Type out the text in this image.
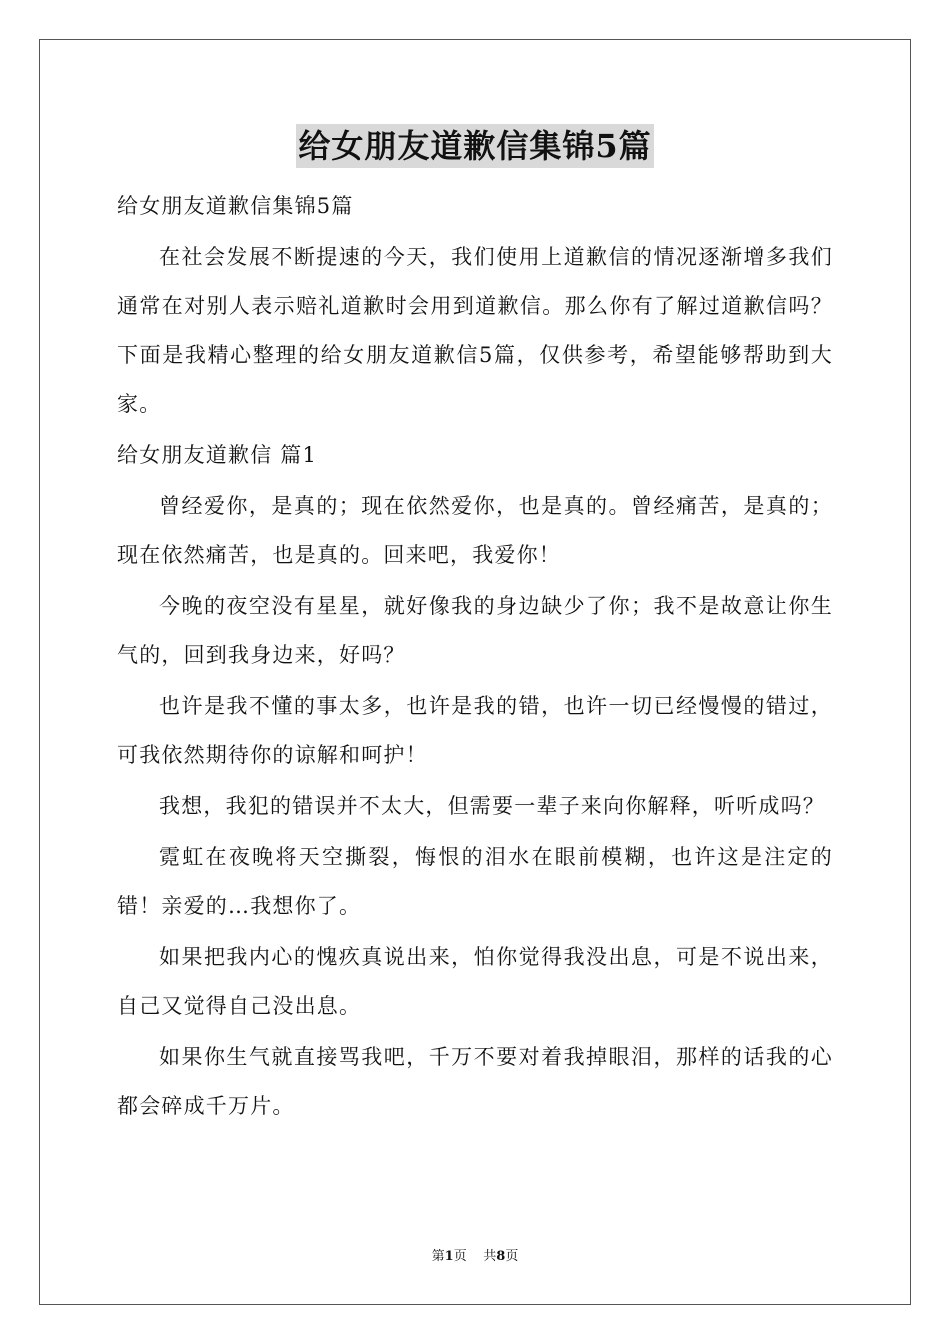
给女朋友道歉信集锦5篇

给女朋友道歉信集锦5篇

在社会发展不断提速的今天，我们使用上道歉信的情况逐渐增多我们通常在对别人表示赔礼道歉时会用到道歉信。那么你有了解过道歉信吗？下面是我精心整理的给女朋友道歉信5篇，仅供参考，希望能够帮助到大家。

给女朋友道歉信 篇1

曾经爱你，是真的；现在依然爱你，也是真的。曾经痛苦，是真的；现在依然痛苦，也是真的。回来吧，我爱你！

今晚的夜空没有星星，就好像我的身边缺少了你；我不是故意让你生气的，回到我身边来，好吗？

也许是我不懂的事太多，也许是我的错，也许一切已经慢慢的错过，可我依然期待你的谅解和呵护！

我想，我犯的错误并不太大，但需要一辈子来向你解释，听听成吗？

霓虹在夜晚将天空撕裂，悔恨的泪水在眼前模糊，也许这是注定的错！亲爱的…我想你了。

如果把我内心的愧疚真说出来，怕你觉得我没出息，可是不说出来，自己又觉得自己没出息。

如果你生气就直接骂我吧，千万不要对着我掉眼泪，那样的话我的心都会碎成千万片。

第1页 共8页
